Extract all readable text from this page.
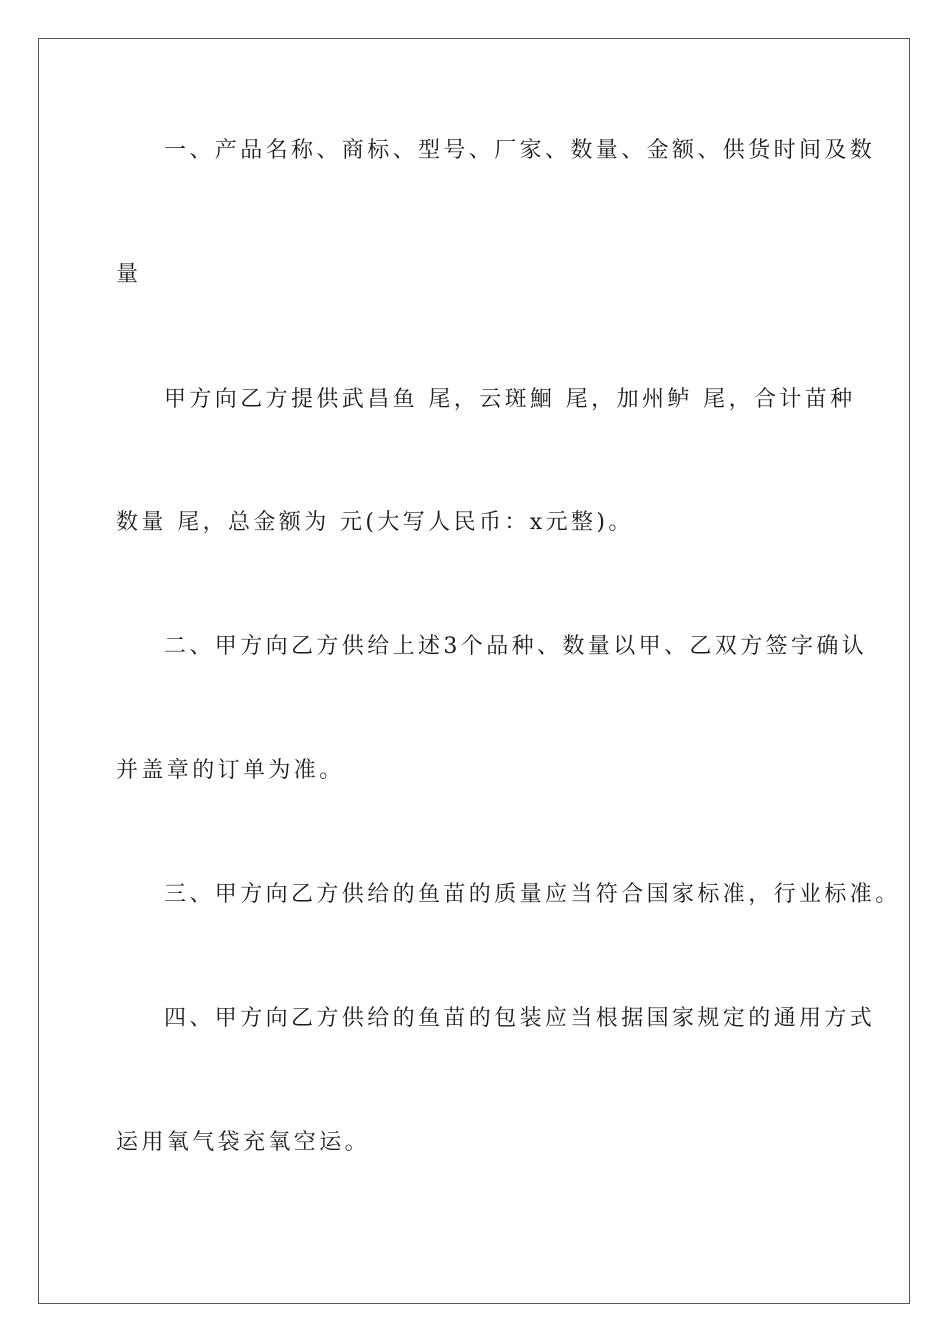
一、产品名称、商标、型号、厂家、数量、金额、供货时间及数

量

甲方向乙方提供武昌鱼 尾，云斑鮰 尾，加州鲈 尾，合计苗种

数量 尾，总金额为 元(大写人民币：x元整)。

二、甲方向乙方供给上述3个品种、数量以甲、乙双方签字确认

并盖章的订单为准。

三、甲方向乙方供给的鱼苗的质量应当符合国家标准，行业标准。

四、甲方向乙方供给的鱼苗的包装应当根据国家规定的通用方式

运用氧气袋充氧空运。
